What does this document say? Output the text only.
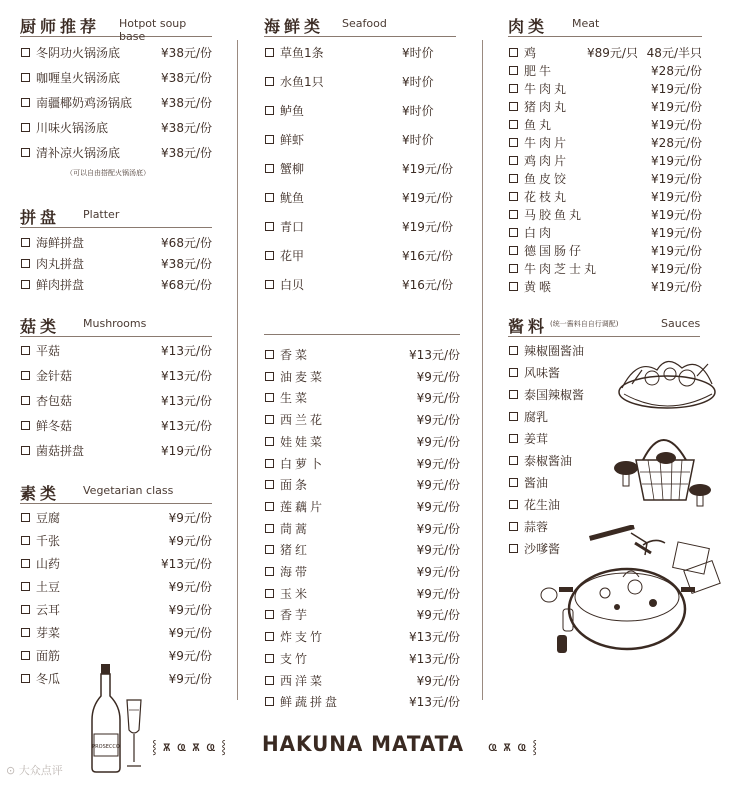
厨师推荐 Hotpot soup base
冬阴功火锅汤底	¥38元/份
咖喱皇火锅汤底	¥38元/份
南疆椰奶鸡汤锅底 ¥38元/份
川味火锅汤底	¥38元/份
清补凉火锅汤底	¥38元/份
（可以自由搭配火锅汤底）
拼盘 Platter
海鲜拼盘	¥68元/份
肉丸拼盘	¥38元/份
鲜肉拼盘	¥68元/份
菇类 Mushrooms
平菇	¥13元/份
金针菇	¥13元/份
杏包菇	¥13元/份
鲜冬菇	¥13元/份
菌菇拼盘	¥19元/份
素类 Vegetarian class
豆腐	¥9元/份
千张	¥9元/份
山药	¥13元/份
土豆	¥9元/份
云耳	¥9元/份
芽菜	¥9元/份
面筋	¥9元/份
冬瓜	¥9元/份
海鲜类 Seafood
草鱼1条	¥时价
水鱼1只	¥时价
鲈鱼	¥时价
鲜虾	¥时价
蟹柳	¥19元/份
鱿鱼	¥19元/份
青口	¥19元/份
花甲	¥16元/份
白贝	¥16元/份
香菜	¥13元/份
油麦菜	¥9元/份
生菜	¥9元/份
西兰花	¥9元/份
娃娃菜	¥9元/份
白萝卜	¥9元/份
面条	¥9元/份
莲藕片	¥9元/份
茼蒿	¥9元/份
猪红	¥9元/份
海带	¥9元/份
玉米	¥9元/份
香芋	¥9元/份
炸支竹	¥13元/份
支竹	¥13元/份
西洋菜	¥9元/份
鲜蔬拼盘	¥13元/份
肉类 Meat
鸡	¥89元/只 48元/半只
肥牛	¥28元/份
牛肉丸	¥19元/份
猪肉丸	¥19元/份
鱼丸	¥19元/份
牛肉片	¥28元/份
鸡肉片	¥19元/份
鱼皮饺	¥19元/份
花枝丸	¥19元/份
马胶鱼丸	¥19元/份
白肉	¥19元/份
德国肠仔	¥19元/份
牛肉芝士丸	¥19元/份
黄喉	¥19元/份
酱料 (统一酱料自自行调配)	Sauces
辣椒圈酱油
风味酱
泰国辣椒酱
腐乳
姜茸
泰椒酱油
酱油
花生油
蒜蓉
沙嗲酱
PROSECCO ⸾ ѫ ҩ ѫ ҩ ⸾ HAKUNA MATATA ҩ ѫ ҩ ⸾
⊙ 大众点评
